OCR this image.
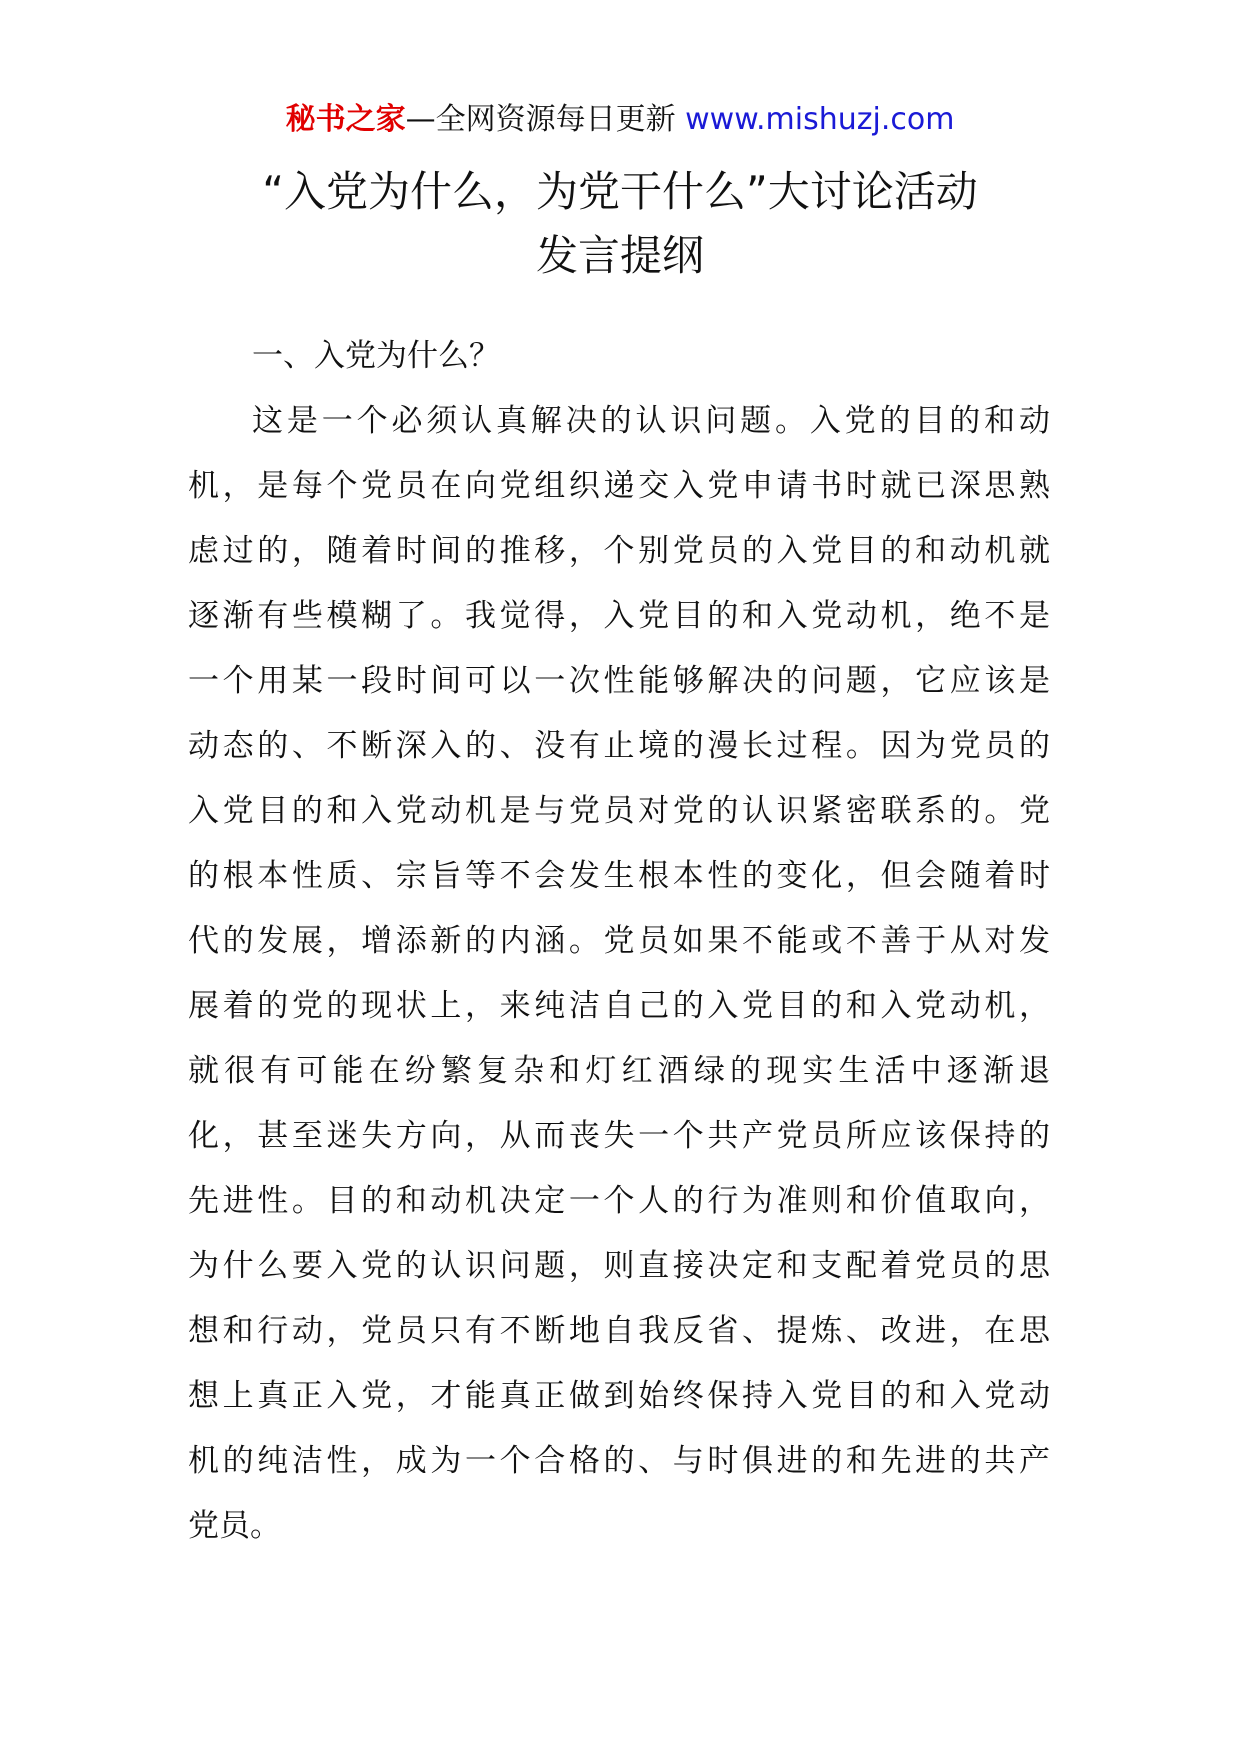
秘书之家—全网资源每日更新 www.mishuzj.com
“入党为什么，为党干什么”大讨论活动
发言提纲

一、入党为什么？

这是一个必须认真解决的认识问题。入党的目的和动
机，是每个党员在向党组织递交入党申请书时就已深思熟
虑过的，随着时间的推移，个别党员的入党目的和动机就
逐渐有些模糊了。我觉得，入党目的和入党动机，绝不是
一个用某一段时间可以一次性能够解决的问题，它应该是
动态的、不断深入的、没有止境的漫长过程。因为党员的
入党目的和入党动机是与党员对党的认识紧密联系的。党
的根本性质、宗旨等不会发生根本性的变化，但会随着时
代的发展，增添新的内涵。党员如果不能或不善于从对发
展着的党的现状上，来纯洁自己的入党目的和入党动机，
就很有可能在纷繁复杂和灯红酒绿的现实生活中逐渐退
化，甚至迷失方向，从而丧失一个共产党员所应该保持的
先进性。目的和动机决定一个人的行为准则和价值取向，
为什么要入党的认识问题，则直接决定和支配着党员的思
想和行动，党员只有不断地自我反省、提炼、改进，在思
想上真正入党，才能真正做到始终保持入党目的和入党动
机的纯洁性，成为一个合格的、与时俱进的和先进的共产
党员。
